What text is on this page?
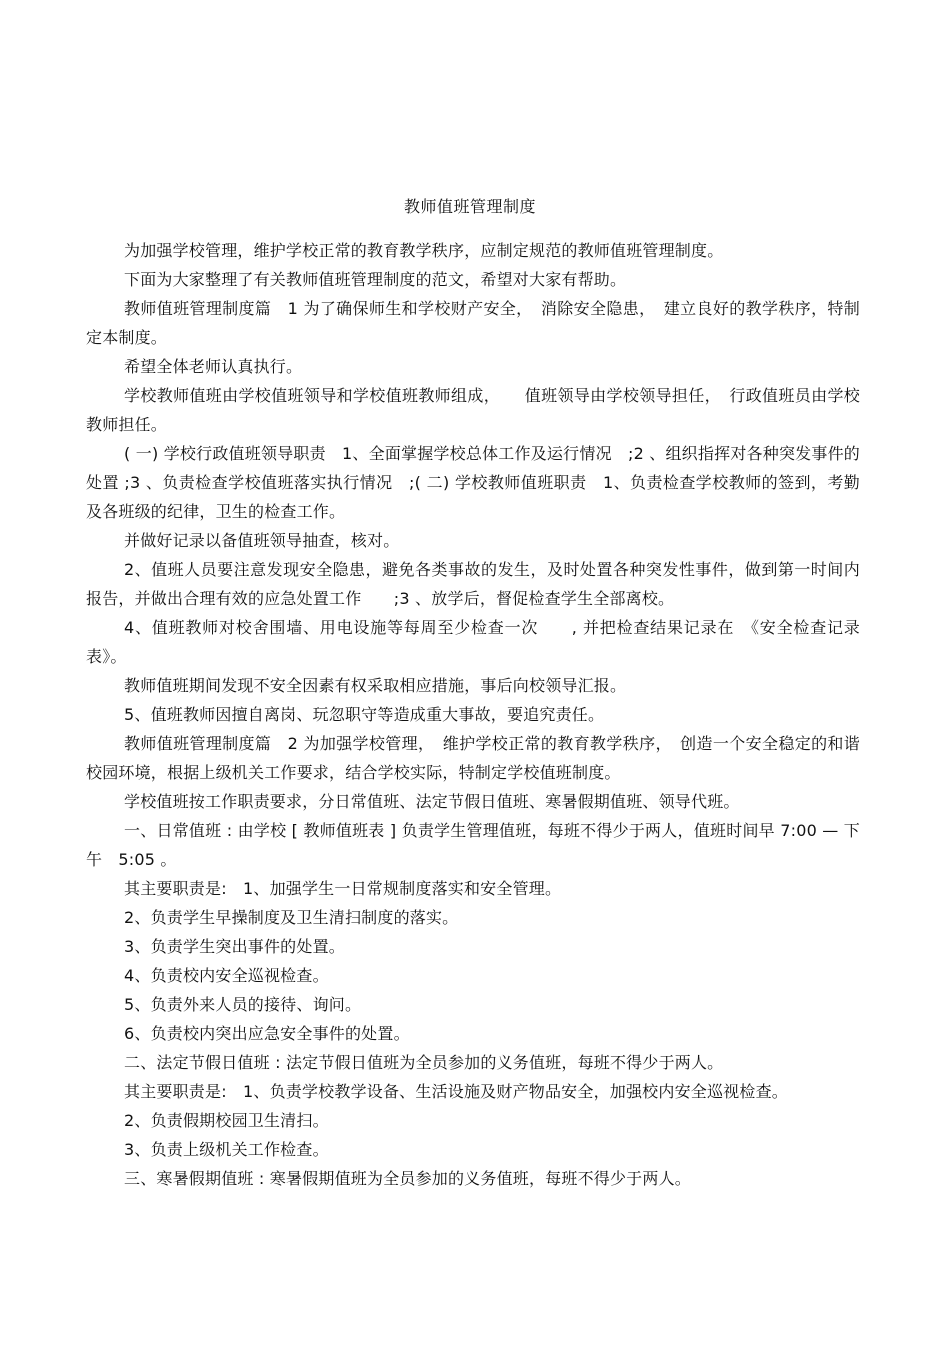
教师值班管理制度

为加强学校管理，维护学校正常的教育教学秩序，应制定规范的教师值班管理制度。

下面为大家整理了有关教师值班管理制度的范文，希望对大家有帮助。

教师值班管理制度篇　1 为了确保师生和学校财产安全，　消除安全隐患，　建立良好的教学秩序，特制定本制度。

希望全体老师认真执行。

学校教师值班由学校值班领导和学校值班教师组成，　　值班领导由学校领导担任，　行政值班员由学校教师担任。

( 一) 学校行政值班领导职责　1、全面掌握学校总体工作及运行情况　;2 、组织指挥对各种突发事件的处置 ;3 、负责检查学校值班落实执行情况　;( 二) 学校教师值班职责　1、负责检查学校教师的签到，考勤及各班级的纪律，卫生的检查工作。

并做好记录以备值班领导抽查，核对。

2、值班人员要注意发现安全隐患，避免各类事故的发生，及时处置各种突发性事件，做到第一时间内报告，并做出合理有效的应急处置工作　　;3 、放学后，督促检查学生全部离校。

4、值班教师对校舍围墙、用电设施等每周至少检查一次　　, 并把检查结果记录在　《安全检查记录表》。

教师值班期间发现不安全因素有权采取相应措施，事后向校领导汇报。

5、值班教师因擅自离岗、玩忽职守等造成重大事故，要追究责任。

教师值班管理制度篇　2 为加强学校管理，　维护学校正常的教育教学秩序，　创造一个安全稳定的和谐校园环境，根据上级机关工作要求，结合学校实际，特制定学校值班制度。

学校值班按工作职责要求，分日常值班、法定节假日值班、寒暑假期值班、领导代班。

一、日常值班 : 由学校 [ 教师值班表 ] 负责学生管理值班，每班不得少于两人，值班时间早 7:00 — 下午　5:05 。

其主要职责是:　1、加强学生一日常规制度落实和安全管理。

2、负责学生早操制度及卫生清扫制度的落实。

3、负责学生突出事件的处置。

4、负责校内安全巡视检查。

5、负责外来人员的接待、询问。

6、负责校内突出应急安全事件的处置。

二、法定节假日值班 : 法定节假日值班为全员参加的义务值班，每班不得少于两人。

其主要职责是:　1、负责学校教学设备、生活设施及财产物品安全，加强校内安全巡视检查。

2、负责假期校园卫生清扫。

3、负责上级机关工作检查。

三、寒暑假期值班 : 寒暑假期值班为全员参加的义务值班，每班不得少于两人。
